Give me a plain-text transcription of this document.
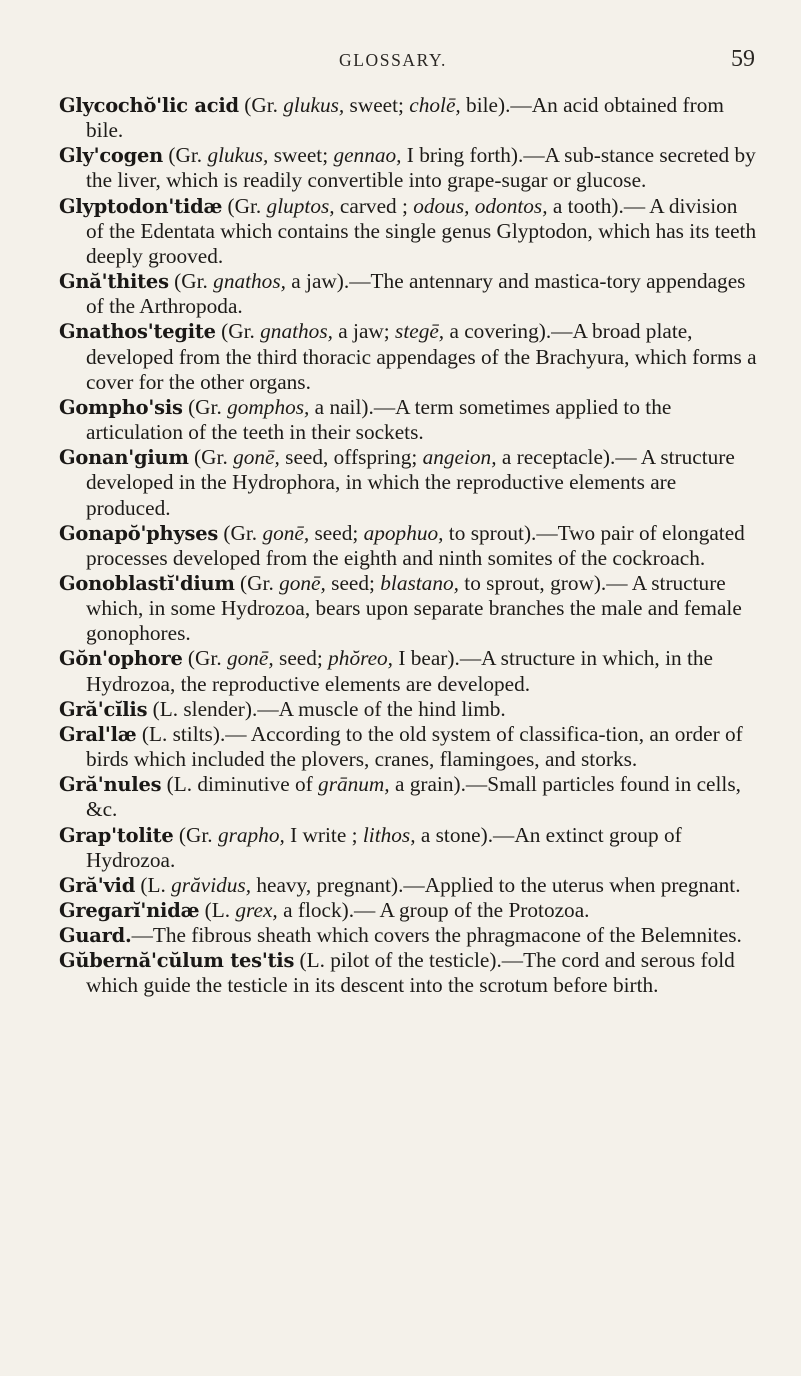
GLOSSARY.	59

Glycochŏ'lic acid (Gr. glukus, sweet; cholē, bile).—An acid obtained from bile.

Gly'cogen (Gr. glukus, sweet; gennao, I bring forth).—A sub-stance secreted by the liver, which is readily convertible into grape-sugar or glucose.

Glyptodon'tidæ (Gr. gluptos, carved ; odous, odontos, a tooth).— A division of the Edentata which contains the single genus Glyptodon, which has its teeth deeply grooved.

Gnă'thites (Gr. gnathos, a jaw).—The antennary and mastica-tory appendages of the Arthropoda.

Gnathos'tegite (Gr. gnathos, a jaw; stegē, a covering).—A broad plate, developed from the third thoracic appendages of the Brachyura, which forms a cover for the other organs.

Gompho'sis (Gr. gomphos, a nail).—A term sometimes applied to the articulation of the teeth in their sockets.

Gonan'gium (Gr. gonē, seed, offspring; angeion, a receptacle).— A structure developed in the Hydrophora, in which the reproductive elements are produced.

Gonapŏ'physes (Gr. gonē, seed; apophuo, to sprout).—Two pair of elongated processes developed from the eighth and ninth somites of the cockroach.

Gonoblastĭ'dium (Gr. gonē, seed; blastano, to sprout, grow).— A structure which, in some Hydrozoa, bears upon separate branches the male and female gonophores.

Gŏn'ophore (Gr. gonē, seed; phŏreo, I bear).—A structure in which, in the Hydrozoa, the reproductive elements are developed.

Gră'cĭlis (L. slender).—A muscle of the hind limb.

Gral'læ (L. stilts).— According to the old system of classifica-tion, an order of birds which included the plovers, cranes, flamingoes, and storks.

Gră'nules (L. diminutive of grānum, a grain).—Small particles found in cells, &c.

Grap'tolite (Gr. grapho, I write ; lithos, a stone).—An extinct group of Hydrozoa.

Gră'vid (L. grăvidus, heavy, pregnant).—Applied to the uterus when pregnant.

Gregarĭ'nidæ (L. grex, a flock).— A group of the Protozoa.

Guard.—The fibrous sheath which covers the phragmacone of the Belemnites.

Gŭbernă'cŭlum tes'tis (L. pilot of the testicle).—The cord and serous fold which guide the testicle in its descent into the scrotum before birth.
